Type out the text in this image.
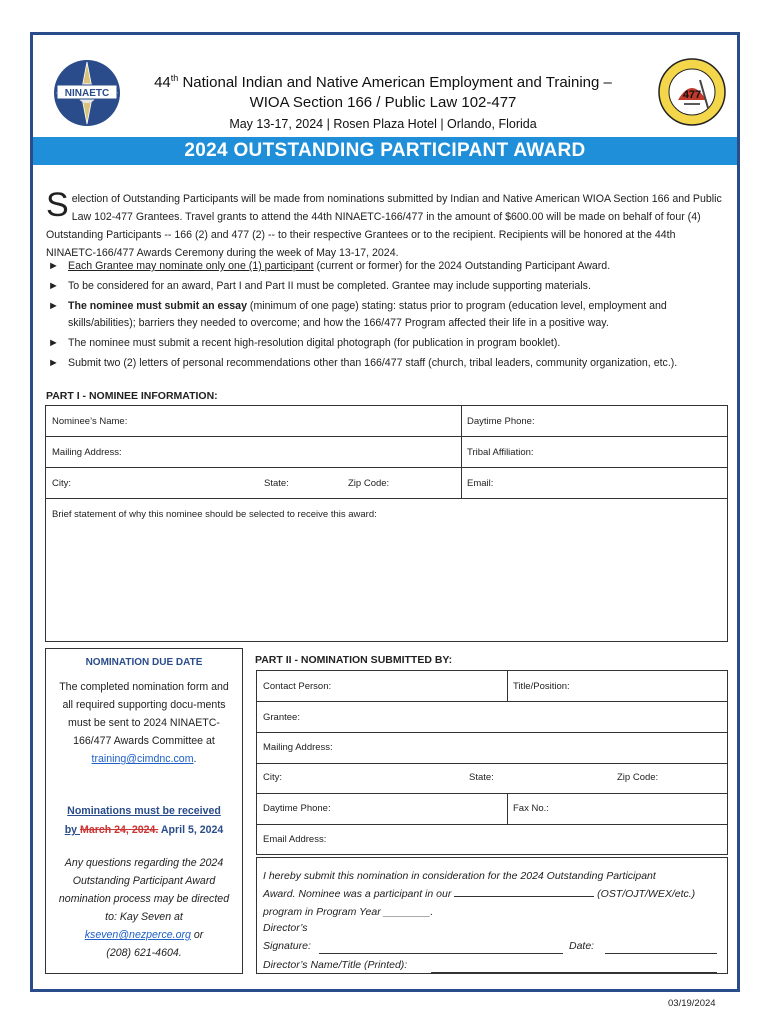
NINAETC	477
44th National Indian and Native American Employment and Training –
WIOA Section 166 / Public Law 102-477
May 13-17, 2024 | Rosen Plaza Hotel | Orlando, Florida
2024 OUTSTANDING PARTICIPANT AWARD
Selection of Outstanding Participants will be made from nominations submitted by Indian and Native American WIOA Section 166 and Public Law 102-477 Grantees. Travel grants to attend the 44th NINAETC-166/477 in the amount of $600.00 will be made on behalf of four (4) Outstanding Participants -- 166 (2) and 477 (2) -- to their respective Grantees or to the recipient. Recipients will be honored at the 44th NINAETC-166/477 Awards Ceremony during the week of May 13-17, 2024.
► Each Grantee may nominate only one (1) participant (current or former) for the 2024 Outstanding Participant Award.
► To be considered for an award, Part I and Part II must be completed. Grantee may include supporting materials.
► The nominee must submit an essay (minimum of one page) stating: status prior to program (education level, employment and skills/abilities); barriers they needed to overcome; and how the 166/477 Program affected their life in a positive way.
► The nominee must submit a recent high-resolution digital photograph (for publication in program booklet).
► Submit two (2) letters of personal recommendations other than 166/477 staff (church, tribal leaders, community organization, etc.).
PART I - NOMINEE INFORMATION:
Nominee’s Name:	Daytime Phone:
Mailing Address:	Tribal Affiliation:
City:	State:	Zip Code:	Email:
Brief statement of why this nominee should be selected to receive this award:
NOMINATION DUE DATE
The completed nomination form and all required supporting docu-ments must be sent to 2024 NINAETC-166/477 Awards Committee at
training@cimdnc.com.
Nominations must be received
by March 24, 2024. April 5, 2024
Any questions regarding the 2024 Outstanding Participant Award nomination process may be directed to: Kay Seven at
kseven@nezperce.org or
(208) 621-4604.
PART II - NOMINATION SUBMITTED BY:
Contact Person:	Title/Position:
Grantee:
Mailing Address:
City:	State:	Zip Code:
Daytime Phone:	Fax No.:
Email Address:
I hereby submit this nomination in consideration for the 2024 Outstanding Participant
Award. Nominee was a participant in our	(OST/OJT/WEX/etc.)
program in Program Year ________.
Director’s
Signature:	Date:
Director’s Name/Title (Printed):
03/19/2024
